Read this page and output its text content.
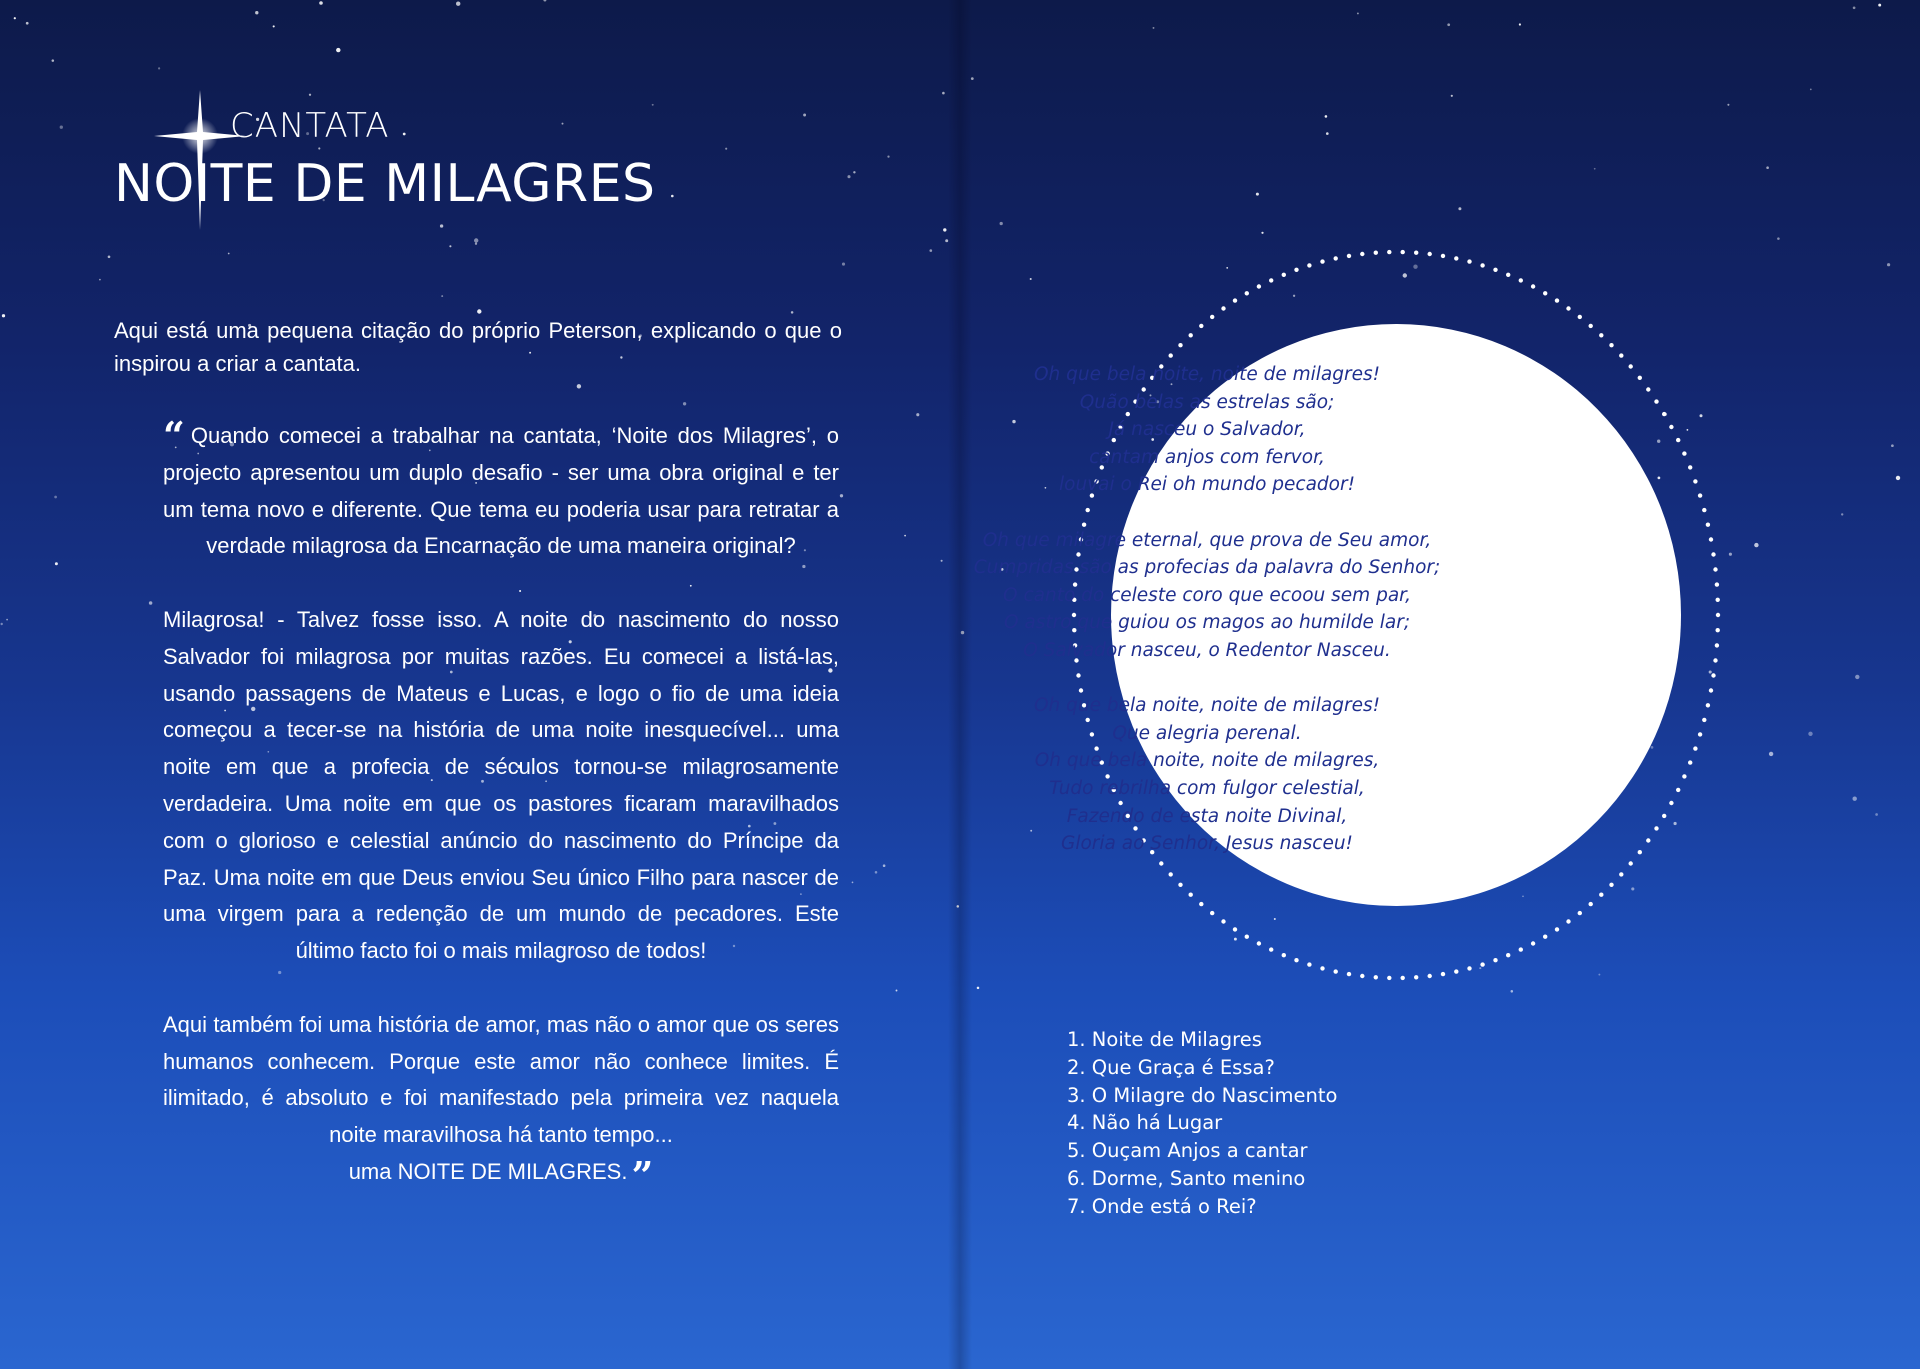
CANTATA
NOITE DE MILAGRES
Aqui está uma pequena citação do próprio Peterson, explicando o que o inspirou a criar a cantata.

“ Quando comecei a trabalhar na cantata, ‘Noite dos Milagres’, o projecto apresentou um duplo desafio - ser uma obra original e ter um tema novo e diferente. Que tema eu poderia usar para retratar a verdade milagrosa da Encarnação de uma maneira original?

Milagrosa! - Talvez fosse isso. A noite do nascimento do nosso Salvador foi milagrosa por muitas razões. Eu comecei a listá-las, usando passagens de Mateus e Lucas, e logo o fio de uma ideia começou a tecer-se na história de uma noite inesquecível... uma noite em que a profecia de séculos tornou-se milagrosamente verdadeira. Uma noite em que os pastores ficaram maravilhados com o glorioso e celestial anúncio do nascimento do Príncipe da Paz. Uma noite em que Deus enviou Seu único Filho para nascer de uma virgem para a redenção de um mundo de pecadores. Este último facto foi o mais milagroso de todos!

Aqui também foi uma história de amor, mas não o amor que os seres humanos conhecem. Porque este amor não conhece limites. É ilimitado, é absoluto e foi manifestado pela primeira vez naquela noite maravilhosa há tanto tempo...
uma NOITE DE MILAGRES. ”

Oh que bela noite, noite de milagres!
Quão belas as estrelas são;
Já nasceu o Salvador,
cantam anjos com fervor,
louvai o Rei oh mundo pecador!
Oh que milagre eternal, que prova de Seu amor,
Cumpridas são as profecias da palavra do Senhor;
O canto do celeste coro que ecoou sem par,
O astro que guiou os magos ao humilde lar;
O Salvador nasceu, o Redentor Nasceu.
Oh que bela noite, noite de milagres!
Que alegria perenal.
Oh que bela noite, noite de milagres,
Tudo rebrilha com fulgor celestial,
Fazendo de esta noite Divinal,
Gloria ao Senhor, Jesus nasceu!
1. Noite de Milagres
2. Que Graça é Essa?
3. O Milagre do Nascimento
4. Não há Lugar
5. Ouçam Anjos a cantar
6. Dorme, Santo menino
7. Onde está o Rei?
